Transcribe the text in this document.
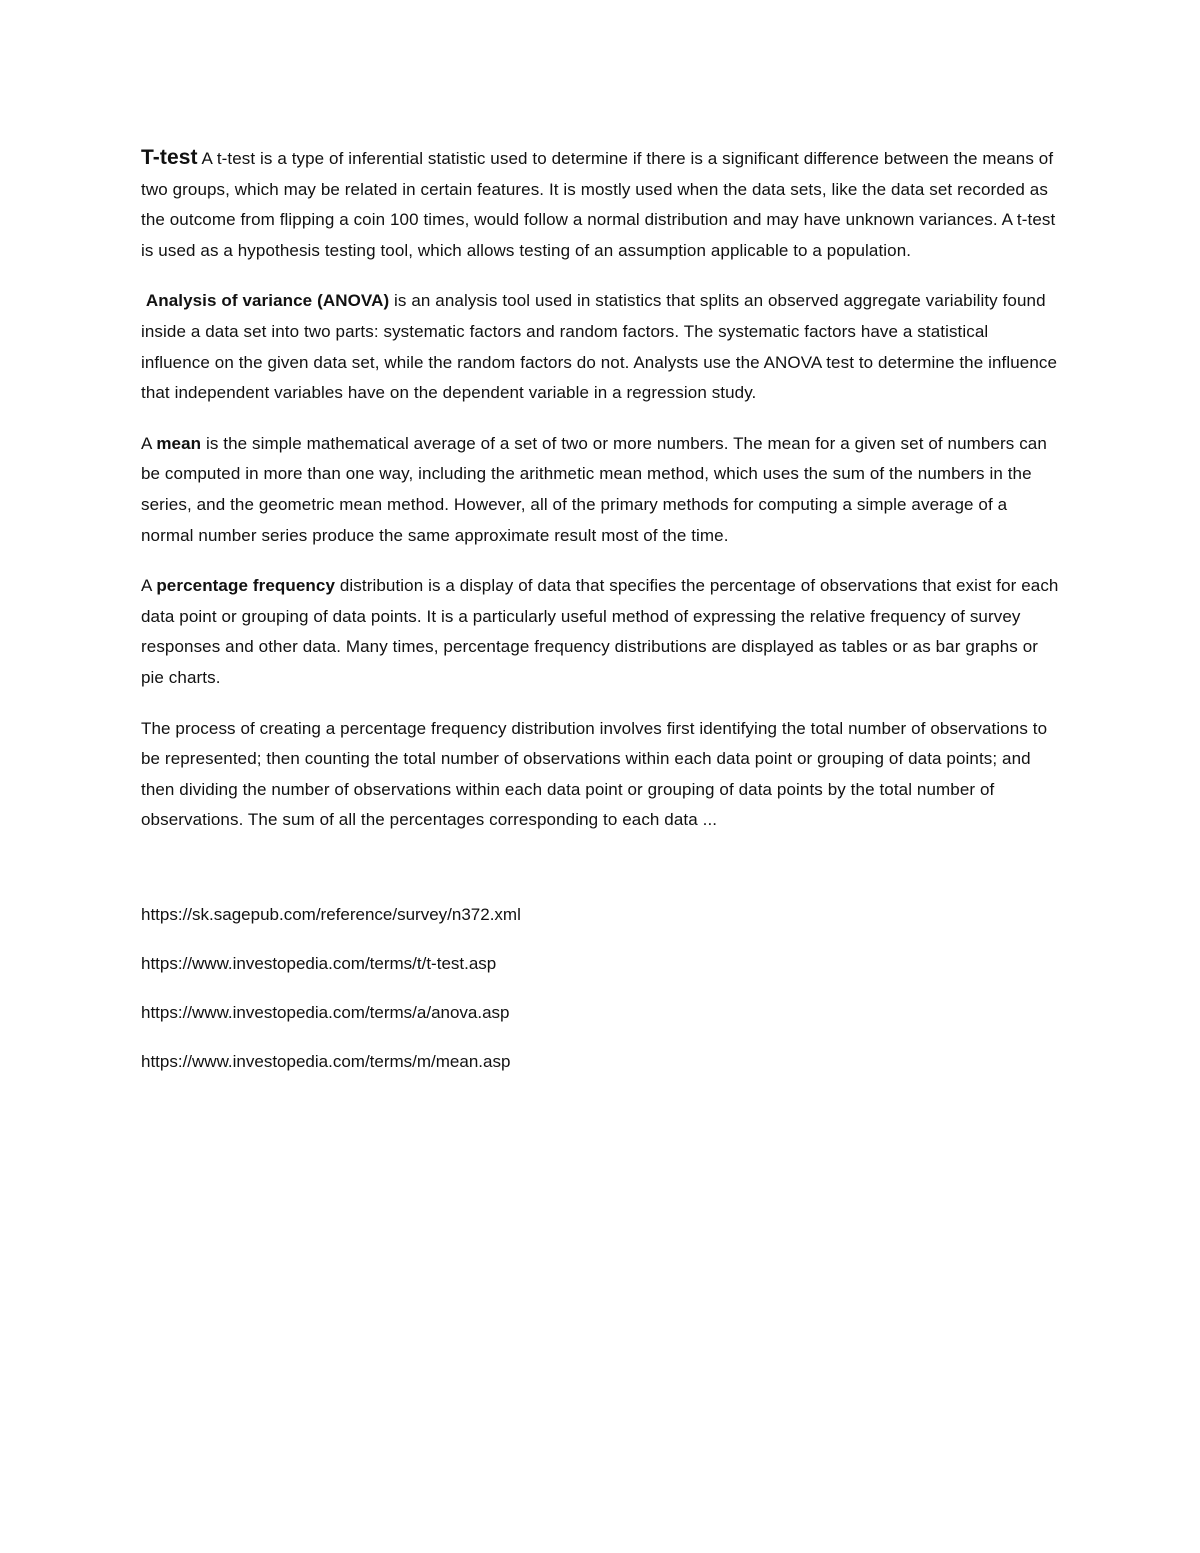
T-test A t-test is a type of inferential statistic used to determine if there is a significant difference between the means of two groups, which may be related in certain features. It is mostly used when the data sets, like the data set recorded as the outcome from flipping a coin 100 times, would follow a normal distribution and may have unknown variances. A t-test is used as a hypothesis testing tool, which allows testing of an assumption applicable to a population.

Analysis of variance (ANOVA) is an analysis tool used in statistics that splits an observed aggregate variability found inside a data set into two parts: systematic factors and random factors. The systematic factors have a statistical influence on the given data set, while the random factors do not. Analysts use the ANOVA test to determine the influence that independent variables have on the dependent variable in a regression study.

A mean is the simple mathematical average of a set of two or more numbers. The mean for a given set of numbers can be computed in more than one way, including the arithmetic mean method, which uses the sum of the numbers in the series, and the geometric mean method. However, all of the primary methods for computing a simple average of a normal number series produce the same approximate result most of the time.

A percentage frequency distribution is a display of data that specifies the percentage of observations that exist for each data point or grouping of data points. It is a particularly useful method of expressing the relative frequency of survey responses and other data. Many times, percentage frequency distributions are displayed as tables or as bar graphs or pie charts.

The process of creating a percentage frequency distribution involves first identifying the total number of observations to be represented; then counting the total number of observations within each data point or grouping of data points; and then dividing the number of observations within each data point or grouping of data points by the total number of observations. The sum of all the percentages corresponding to each data ...

https://sk.sagepub.com/reference/survey/n372.xml
https://www.investopedia.com/terms/t/t-test.asp
https://www.investopedia.com/terms/a/anova.asp
https://www.investopedia.com/terms/m/mean.asp
